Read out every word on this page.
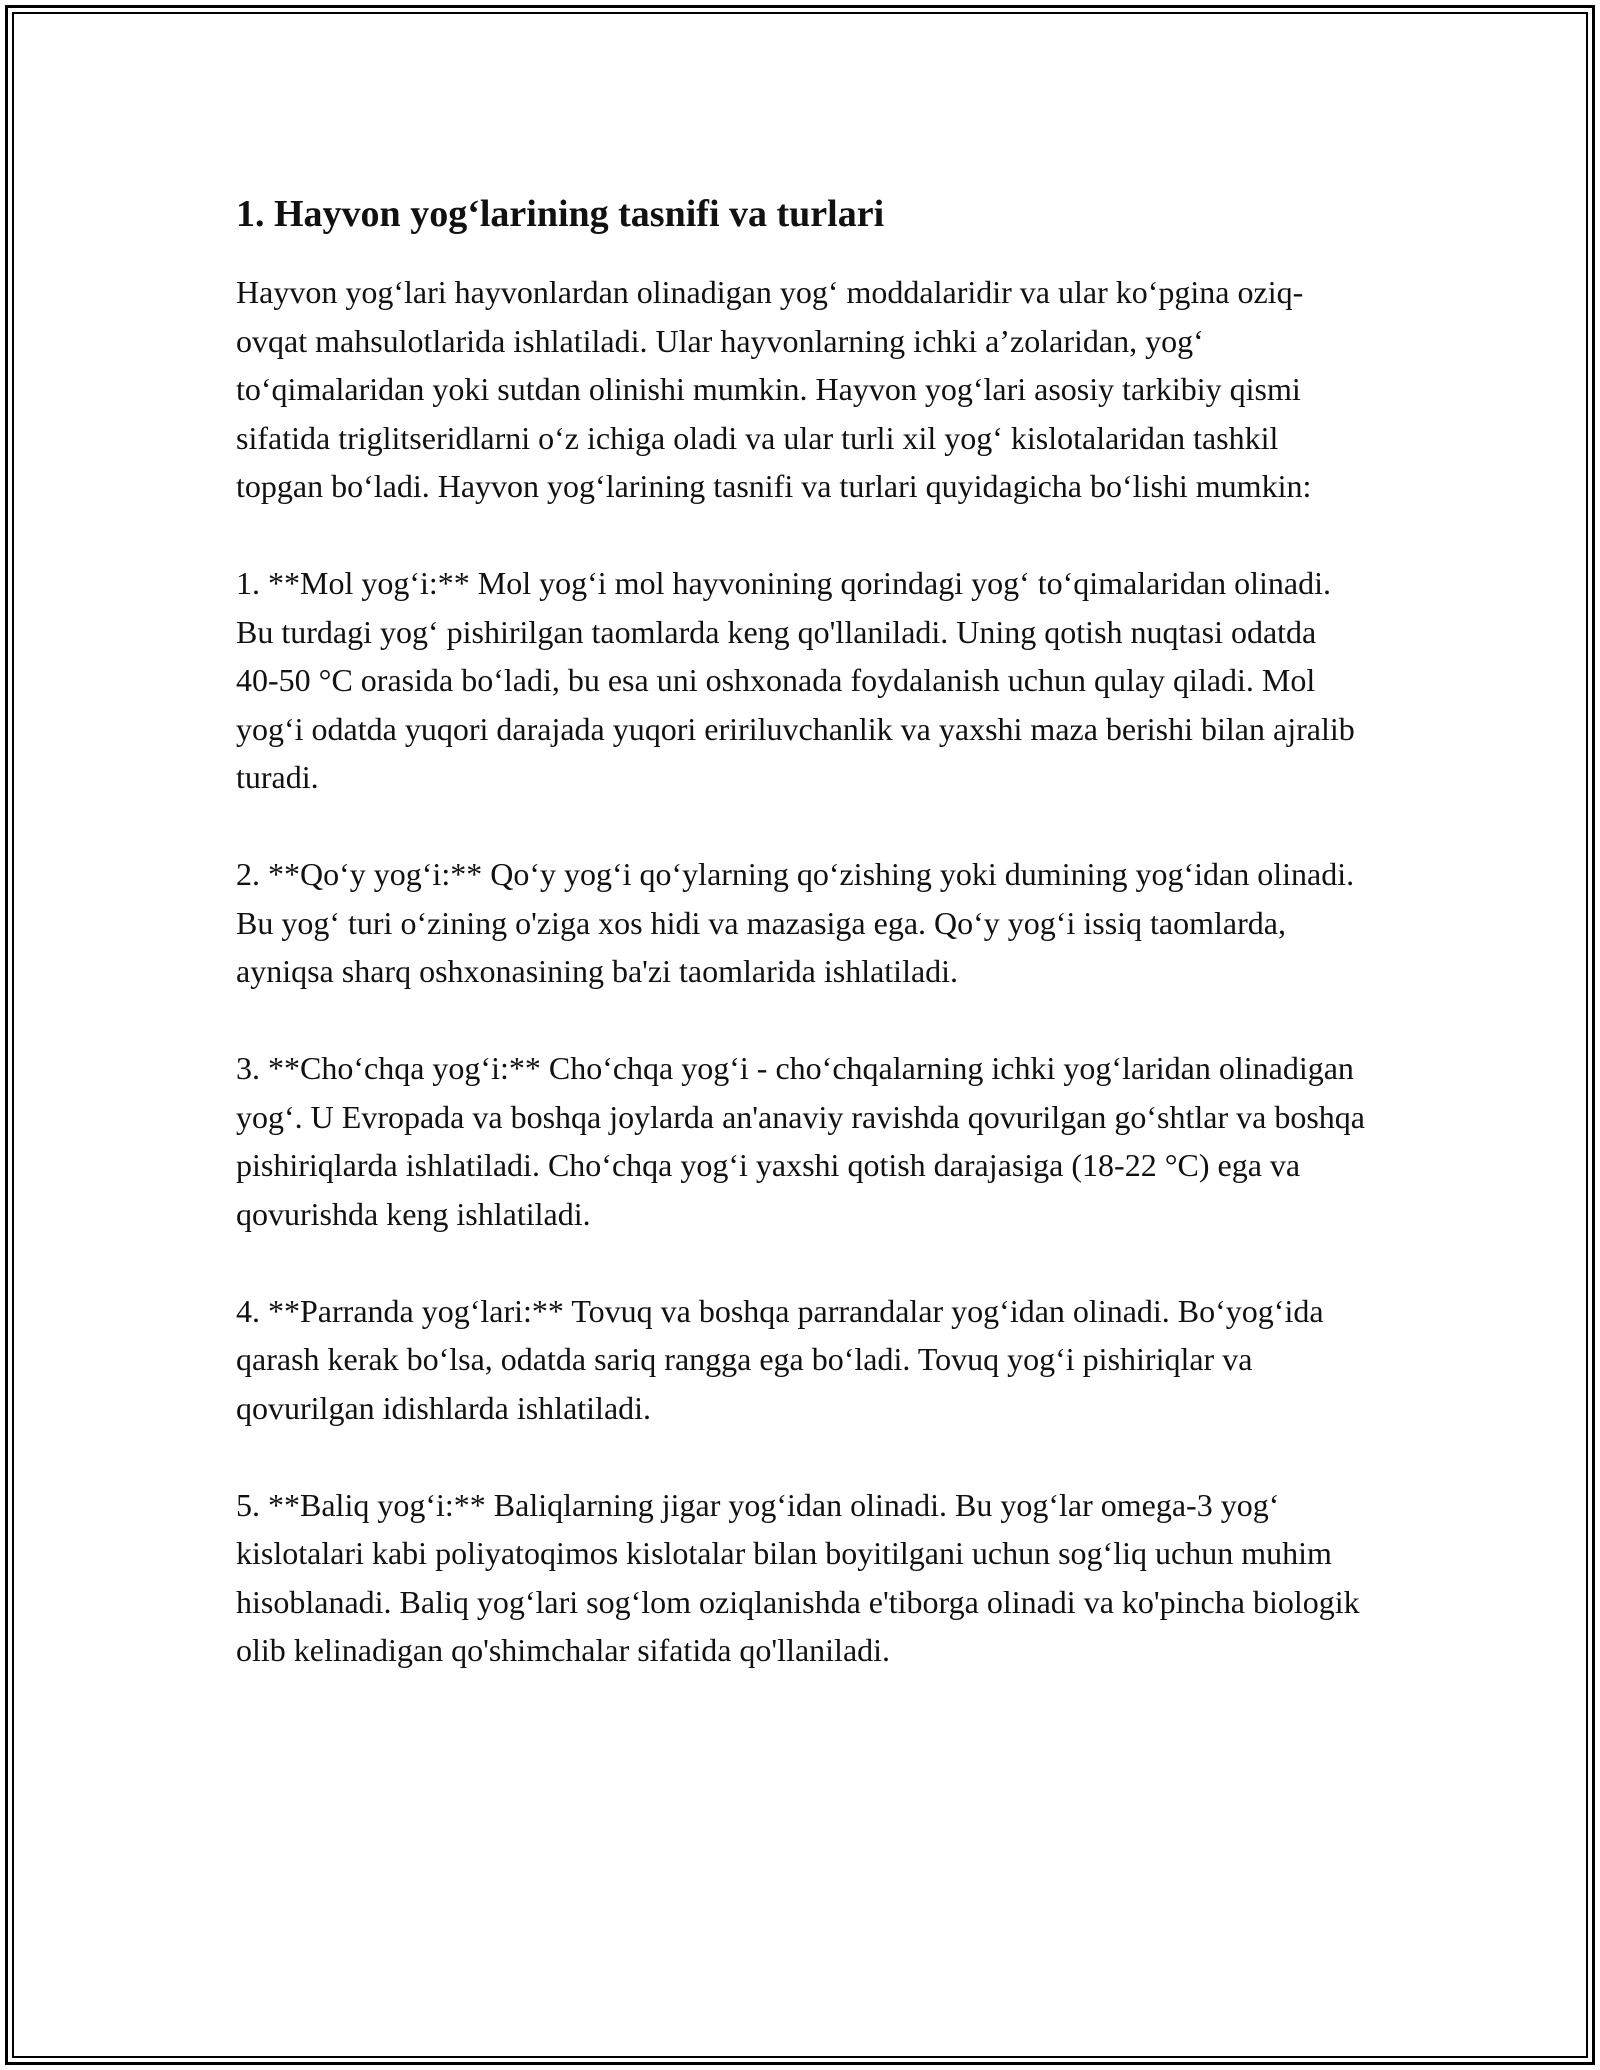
1. Hayvon yog‘larining tasnifi va turlari

Hayvon yog‘lari hayvonlardan olinadigan yog‘ moddalaridir va ular ko‘pgina oziq-ovqat mahsulotlarida ishlatiladi. Ular hayvonlarning ichki a’zolaridan, yog‘ to‘qimalaridan yoki sutdan olinishi mumkin. Hayvon yog‘lari asosiy tarkibiy qismi sifatida triglitseridlarni o‘z ichiga oladi va ular turli xil yog‘ kislotalaridan tashkil topgan bo‘ladi. Hayvon yog‘larining tasnifi va turlari quyidagicha bo‘lishi mumkin:

1. **Mol yog‘i:** Mol yog‘i mol hayvonining qorindagi yog‘ to‘qimalaridan olinadi. Bu turdagi yog‘ pishirilgan taomlarda keng qo'llaniladi. Uning qotish nuqtasi odatda 40-50 °C orasida bo‘ladi, bu esa uni oshxonada foydalanish uchun qulay qiladi. Mol yog‘i odatda yuqori darajada yuqori eririluvchanlik va yaxshi maza berishi bilan ajralib turadi.

2. **Qo‘y yog‘i:** Qo‘y yog‘i qo‘ylarning qo‘zishing yoki dumining yog‘idan olinadi. Bu yog‘ turi o‘zining o'ziga xos hidi va mazasiga ega. Qo‘y yog‘i issiq taomlarda, ayniqsa sharq oshxonasining ba'zi taomlarida ishlatiladi.

3. **Cho‘chqa yog‘i:** Cho‘chqa yog‘i - cho‘chqalarning ichki yog‘laridan olinadigan yog‘. U Evropada va boshqa joylarda an'anaviy ravishda qovurilgan go‘shtlar va boshqa pishiriqlarda ishlatiladi. Cho‘chqa yog‘i yaxshi qotish darajasiga (18-22 °C) ega va qovurishda keng ishlatiladi.

4. **Parranda yog‘lari:** Tovuq va boshqa parrandalar yog‘idan olinadi. Bo‘yog‘ida qarash kerak bo‘lsa, odatda sariq rangga ega bo‘ladi. Tovuq yog‘i pishiriqlar va qovurilgan idishlarda ishlatiladi.

5. **Baliq yog‘i:** Baliqlarning jigar yog‘idan olinadi. Bu yog‘lar omega-3 yog‘ kislotalari kabi poliyatoqimos kislotalar bilan boyitilgani uchun sog‘liq uchun muhim hisoblanadi. Baliq yog‘lari sog‘lom oziqlanishda e'tiborga olinadi va ko'pincha biologik olib kelinadigan qo'shimchalar sifatida qo'llaniladi.
